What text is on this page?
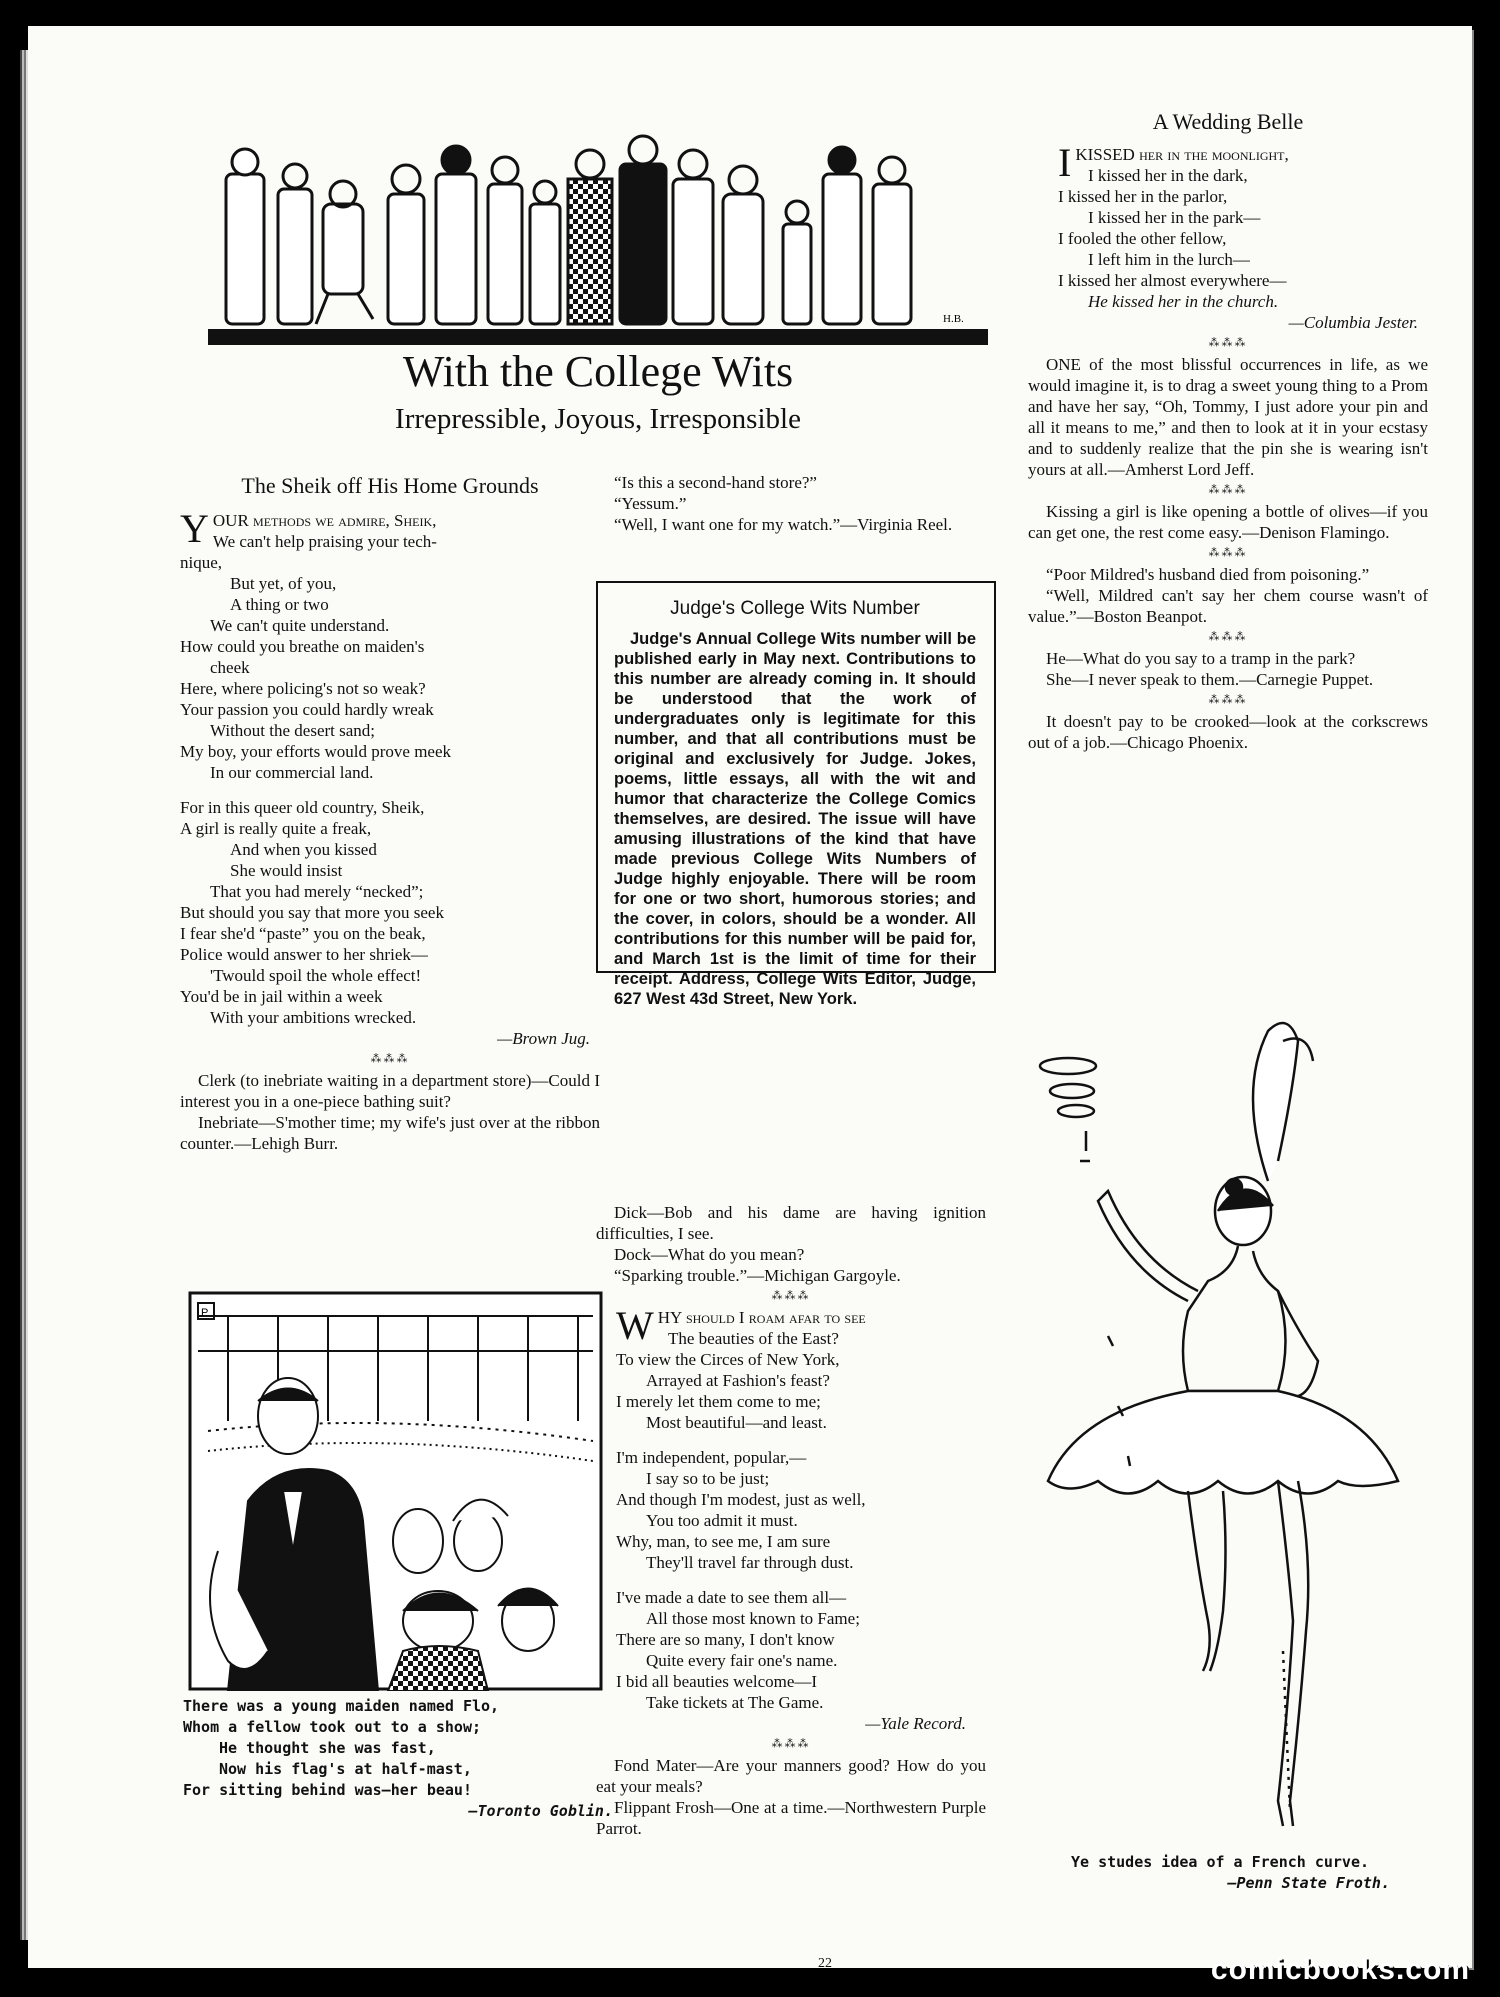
H.B.
With the College Wits
Irrepressible, Joyous, Irresponsible

The Sheik off His Home Grounds

YOUR methods we admire, Sheik,

We can't help praising your tech-

nique,

But yet, of you,

A thing or two

We can't quite understand.

How could you breathe on maiden's

cheek

Here, where policing's not so weak?

Your passion you could hardly wreak

Without the desert sand;

My boy, your efforts would prove meek

In our commercial land.

For in this queer old country, Sheik,

A girl is really quite a freak,

And when you kissed

She would insist

That you had merely “necked”;

But should you say that more you seek

I fear she'd “paste” you on the beak,

Police would answer to her shriek—

'Twould spoil the whole effect!

You'd be in jail within a week

With your ambitions wrecked.

—Brown Jug.

⁂⁂⁂

Clerk (to inebriate waiting in a department store)—Could I interest you in a one-piece bathing suit?

Inebriate—S'mother time; my wife's just over at the ribbon counter.—Lehigh Burr.

P

There was a young maiden named Flo,

Whom a fellow took out to a show;

He thought she was fast,

Now his flag's at half-mast,

For sitting behind was—her beau!

—Toronto Goblin.

“Is this a second-hand store?”

“Yessum.”

“Well, I want one for my watch.”—Virginia Reel.

Judge's College Wits Number

Judge's Annual College Wits number will be published early in May next. Contributions to this number are already coming in. It should be understood that the work of undergraduates only is legitimate for this number, and that all contributions must be original and exclusively for Judge. Jokes, poems, little essays, all with the wit and humor that characterize the College Comics themselves, are desired. The issue will have amusing illustrations of the kind that have made previous College Wits Numbers of Judge highly enjoyable. There will be room for one or two short, humorous stories; and the cover, in colors, should be a wonder. All contributions for this number will be paid for, and March 1st is the limit of time for their receipt. Address, College Wits Editor, Judge, 627 West 43d Street, New York.

Dick—Bob and his dame are having ignition difficulties, I see.

Dock—What do you mean?

“Sparking trouble.”—Michigan Gargoyle.

⁂⁂⁂

WHY should I roam afar to see

The beauties of the East?

To view the Circes of New York,

Arrayed at Fashion's feast?

I merely let them come to me;

Most beautiful—and least.

I'm independent, popular,—

I say so to be just;

And though I'm modest, just as well,

You too admit it must.

Why, man, to see me, I am sure

They'll travel far through dust.

I've made a date to see them all—

All those most known to Fame;

There are so many, I don't know

Quite every fair one's name.

I bid all beauties welcome—I

Take tickets at The Game.

—Yale Record.

⁂⁂⁂

Fond Mater—Are your manners good? How do you eat your meals?

Flippant Frosh—One at a time.—Northwestern Purple Parrot.

A Wedding Belle

I KISSED her in the moonlight,

I kissed her in the dark,

I kissed her in the parlor,

I kissed her in the park—

I fooled the other fellow,

I left him in the lurch—

I kissed her almost everywhere—

He kissed her in the church.

—Columbia Jester.

⁂⁂⁂

ONE of the most blissful occurrences in life, as we would imagine it, is to drag a sweet young thing to a Prom and have her say, “Oh, Tommy, I just adore your pin and all it means to me,” and then to look at it in your ecstasy and to suddenly realize that the pin she is wearing isn't yours at all.—Amherst Lord Jeff.

⁂⁂⁂

Kissing a girl is like opening a bottle of olives—if you can get one, the rest come easy.—Denison Flamingo.

⁂⁂⁂

“Poor Mildred's husband died from poisoning.”

“Well, Mildred can't say her chem course wasn't of value.”—Boston Beanpot.

⁂⁂⁂

He—What do you say to a tramp in the park?

She—I never speak to them.—Carnegie Puppet.

⁂⁂⁂

It doesn't pay to be crooked—look at the corkscrews out of a job.—Chicago Phoenix.

Ye studes idea of a French curve.

—Penn State Froth.

22	comicbooks.com
